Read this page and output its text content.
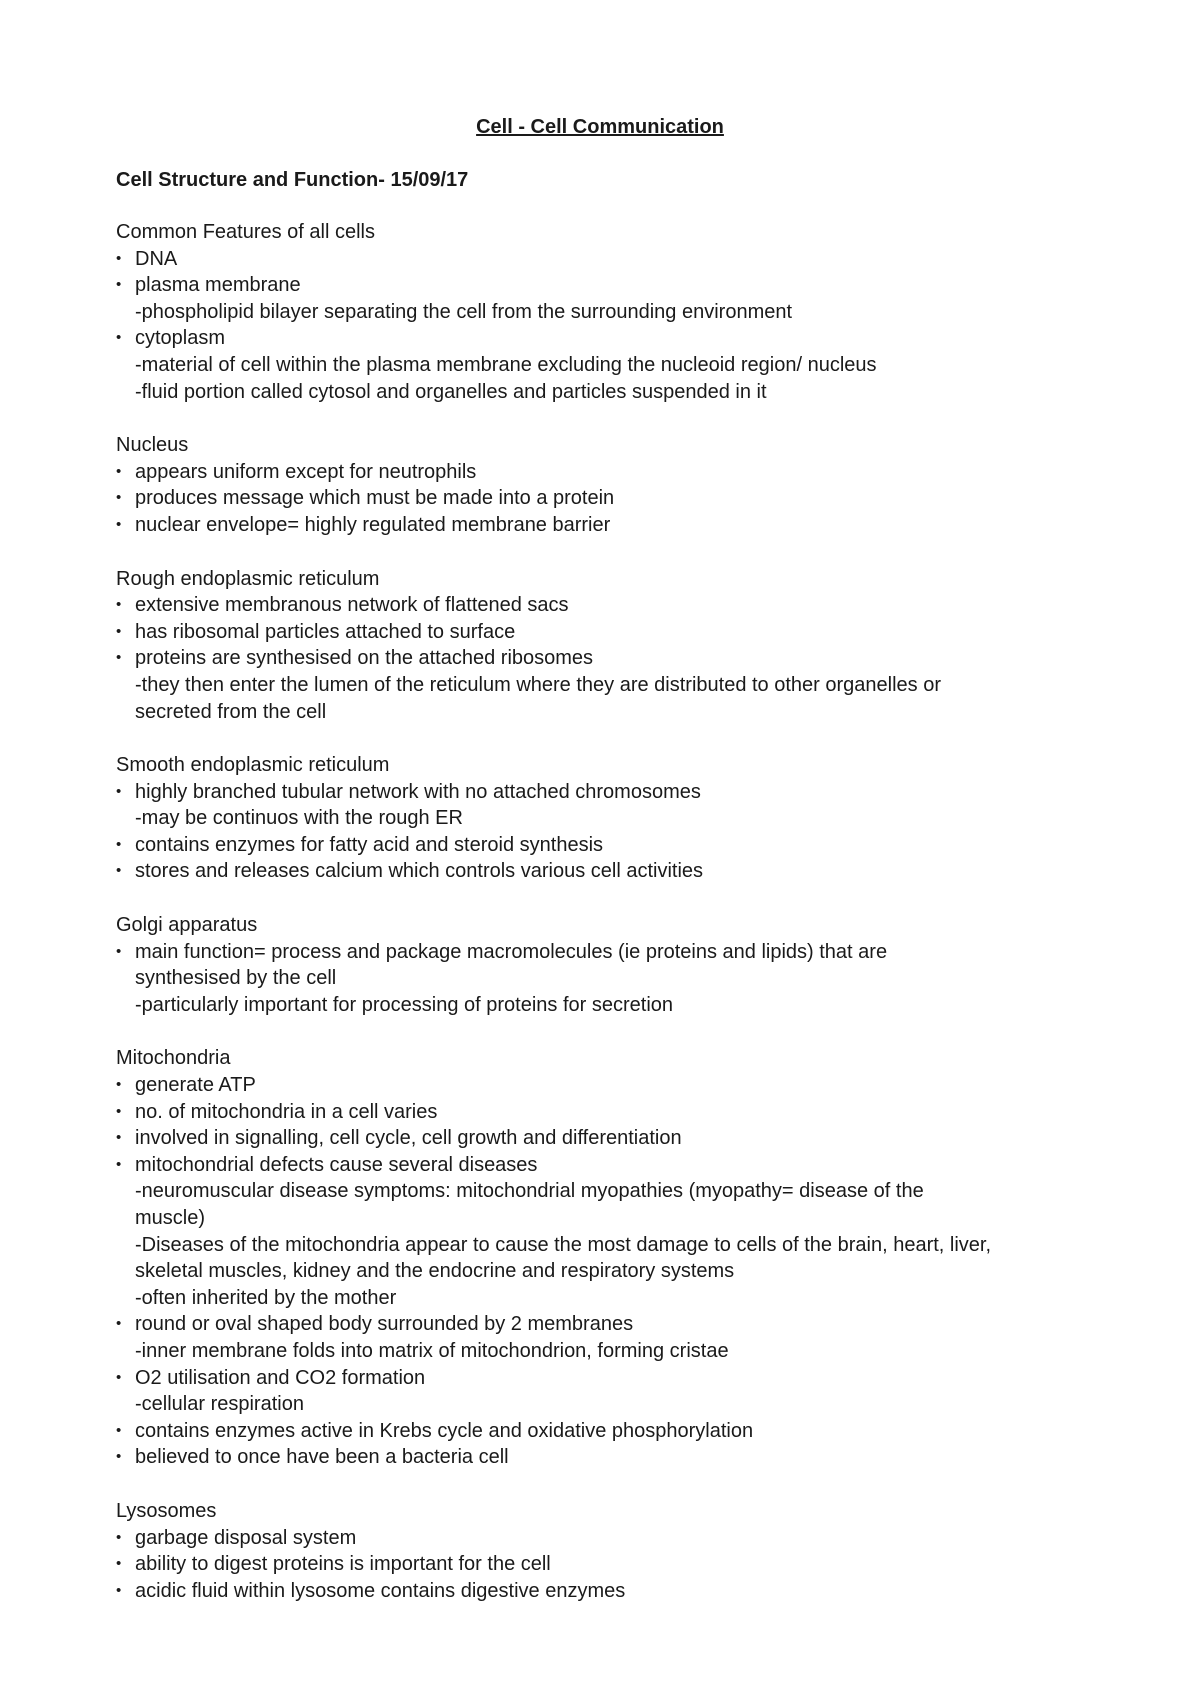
Cell - Cell Communication
Cell Structure and Function- 15/09/17
Common Features of all cells
• DNA
• plasma membrane
-phospholipid bilayer separating the cell from the surrounding environment
• cytoplasm
-material of cell within the plasma membrane excluding the nucleoid region/ nucleus
-fluid portion called cytosol and organelles and particles suspended in it
Nucleus
• appears uniform except for neutrophils
• produces message which must be made into a protein
• nuclear envelope= highly regulated membrane barrier
Rough endoplasmic reticulum
• extensive membranous network of flattened sacs
• has ribosomal particles attached to surface
• proteins are synthesised on the attached ribosomes
-they then enter the lumen of the reticulum where they are distributed to other organelles or
secreted from the cell
Smooth endoplasmic reticulum
• highly branched tubular network with no attached chromosomes
-may be continuos with the rough ER
• contains enzymes for fatty acid and steroid synthesis
• stores and releases calcium which controls various cell activities
Golgi apparatus
• main function= process and package macromolecules (ie proteins and lipids) that are
synthesised by the cell
-particularly important for processing of proteins for secretion
Mitochondria
• generate ATP
• no. of mitochondria in a cell varies
• involved in signalling, cell cycle, cell growth and differentiation
• mitochondrial defects cause several diseases
-neuromuscular disease symptoms: mitochondrial myopathies (myopathy= disease of the
muscle)
-Diseases of the mitochondria appear to cause the most damage to cells of the brain, heart, liver,
skeletal muscles, kidney and the endocrine and respiratory systems
-often inherited by the mother
• round or oval shaped body surrounded by 2 membranes
-inner membrane folds into matrix of mitochondrion, forming cristae
• O2 utilisation and CO2 formation
-cellular respiration
• contains enzymes active in Krebs cycle and oxidative phosphorylation
• believed to once have been a bacteria cell
Lysosomes
• garbage disposal system
• ability to digest proteins is important for the cell
• acidic fluid within lysosome contains digestive enzymes
